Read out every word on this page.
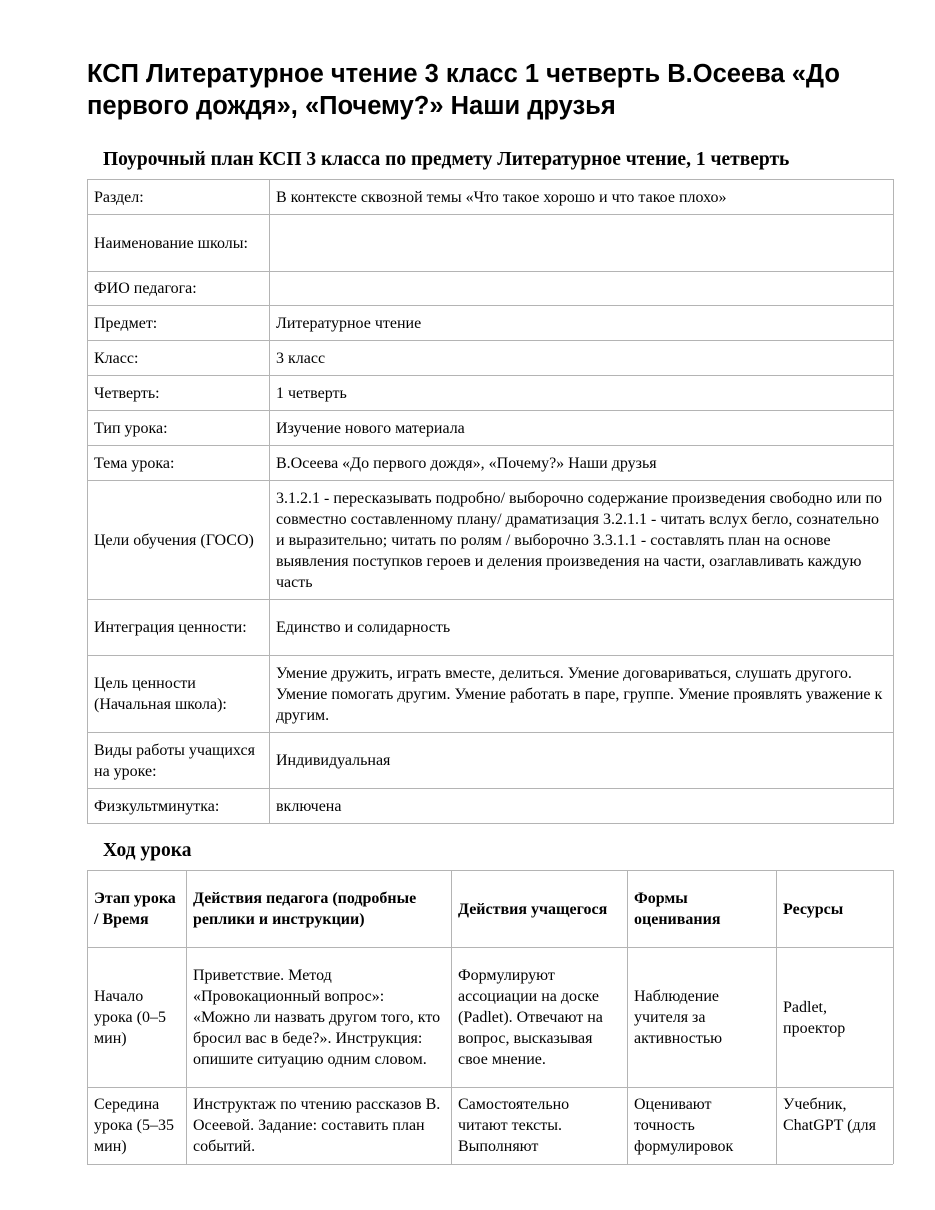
КСП Литературное чтение 3 класс 1 четверть В.Осеева «До первого дождя», «Почему?» Наши друзья
Поурочный план КСП 3 класса по предмету Литературное чтение, 1 четверть
Раздел:	В контексте сквозной темы «Что такое хорошо и что такое плохо»
Наименование школы:	
ФИО педагога:	
Предмет:	Литературное чтение
Класс:	3 класс
Четверть:	1 четверть
Тип урока:	Изучение нового материала
Тема урока:	В.Осеева «До первого дождя», «Почему?» Наши друзья
Цели обучения (ГОСО)	3.1.2.1 - пересказывать подробно/ выборочно содержание произведения свободно или по совместно составленному плану/ драматизация 3.2.1.1 - читать вслух бегло, сознательно и выразительно; читать по ролям / выборочно 3.3.1.1 - составлять план на основе выявления поступков героев и деления произведения на части, озаглавливать каждую часть
Интеграция ценности:	Единство и солидарность
Цель ценности (Начальная школа):	Умение дружить, играть вместе, делиться. Умение договариваться, слушать другого. Умение помогать другим. Умение работать в паре, группе. Умение проявлять уважение к другим.
Виды работы учащихся на уроке:	Индивидуальная
Физкультминутка:	включена
Ход урока
Этап урока / Время	Действия педагога (подробные реплики и инструкции)	Действия учащегося	Формы оценивания	Ресурсы
Начало урока (0–5 мин)	Приветствие. Метод «Провокационный вопрос»: «Можно ли назвать другом того, кто бросил вас в беде?». Инструкция: опишите ситуацию одним словом.	Формулируют ассоциации на доске (Padlet). Отвечают на вопрос, высказывая свое мнение.	Наблюдение учителя за активностью	Padlet, проектор
Середина урока (5–35 мин)	Инструктаж по чтению рассказов В. Осеевой. Задание: составить план событий.	Самостоятельно читают тексты. Выполняют	Оценивают точность формулировок	Учебник, ChatGPT (для
